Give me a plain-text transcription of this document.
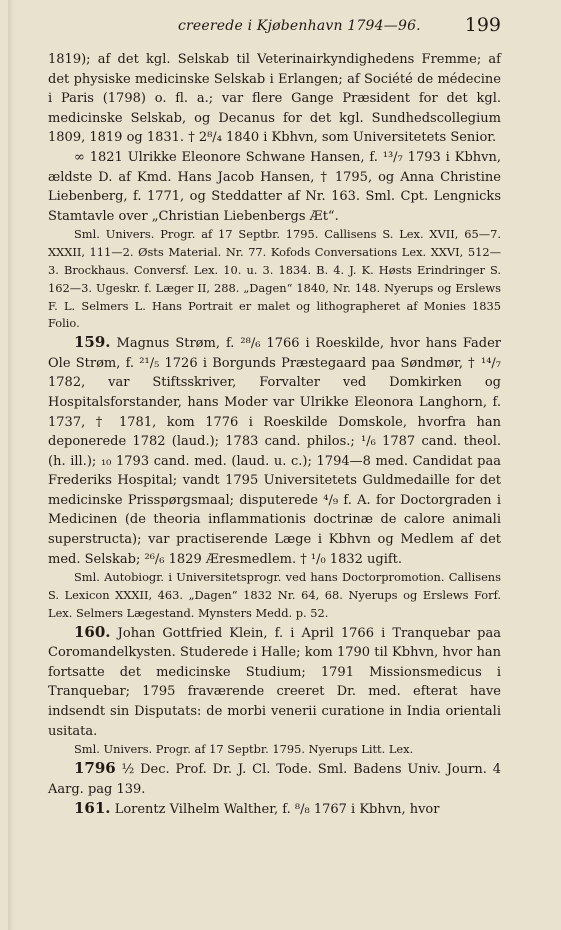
creerede i Kjøbenhavn 1794—96. 199

1819); af det kgl. Selskab til Veterinairkyndighedens Fremme; af det physiske medicinske Selskab i Erlangen; af Société de médecine i Paris (1798) o. fl. a.; var flere Gange Præsident for det kgl. medicinske Selskab, og Decanus for det kgl. Sundhedscollegium 1809, 1819 og 1831. † 2⁸/₄ 1840 i Kbhvn, som Universitetets Senior.

∞ 1821 Ulrikke Eleonore Schwane Hansen, f. ¹³/₇ 1793 i Kbhvn, ældste D. af Kmd. Hans Jacob Hansen, † 1795, og Anna Christine Liebenberg, f. 1771, og Steddatter af Nr. 163. Sml. Cpt. Lengnicks Stamtavle over „Christian Liebenbergs Æt“.

Sml. Univers. Progr. af 17 Septbr. 1795. Callisens S. Lex. XVII, 65—7. XXXII, 111—2. Østs Material. Nr. 77. Kofods Conversations Lex. XXVI, 512—3. Brockhaus. Conversf. Lex. 10. u. 3. 1834. B. 4. J. K. Høsts Erindringer S. 162—3. Ugeskr. f. Læger II, 288. „Dagen“ 1840, Nr. 148. Nyerups og Erslews F. L. Selmers L. Hans Portrait er malet og lithographeret af Monies 1835 Folio.

159. Magnus Strøm, f. ²⁸/₆ 1766 i Roeskilde, hvor hans Fader Ole Strøm, f. ²¹/₅ 1726 i Borgunds Præstegaard paa Søndmør, † ¹⁴/₇ 1782, var Stiftsskriver, Forvalter ved Domkirken og Hospitalsforstander, hans Moder var Ulrikke Eleonora Langhorn, f. 1737, † 1781, kom 1776 i Roeskilde Domskole, hvorfra han deponerede 1782 (laud.); 1783 cand. philos.; ¹/₆ 1787 cand. theol. (h. ill.); ₁₀ 1793 cand. med. (laud. u. c.); 1794—8 med. Candidat paa Frederiks Hospital; vandt 1795 Universitetets Guldmedaille for det medicinske Prisspørgsmaal; disputerede ⁴/₉ f. A. for Doctorgraden i Medicinen (de theoria inflammationis doctrinæ de calore animali superstructa); var practiserende Læge i Kbhvn og Medlem af det med. Selskab; ²⁶/₆ 1829 Æresmedlem. † ¹/₀ 1832 ugift.

Sml. Autobiogr. i Universitetsprogr. ved hans Doctorpromotion. Callisens S. Lexicon XXXII, 463. „Dagen“ 1832 Nr. 64, 68. Nyerups og Erslews Forf. Lex. Selmers Lægestand. Mynsters Medd. p. 52.

160. Johan Gottfried Klein, f. i April 1766 i Tranquebar paa Coromandelkysten. Studerede i Halle; kom 1790 til Kbhvn, hvor han fortsatte det medicinske Studium; 1791 Missionsmedicus i Tranquebar; 1795 fraværende creeret Dr. med. efterat have indsendt sin Disputats: de morbi venerii curatione in India orientali usitata.

Sml. Univers. Progr. af 17 Septbr. 1795. Nyerups Litt. Lex.

1796 ½ Dec. Prof. Dr. J. Cl. Tode. Sml. Badens Univ. Journ. 4 Aarg. pag 139.

161. Lorentz Vilhelm Walther, f. ⁸/₈ 1767 i Kbhvn, hvor
